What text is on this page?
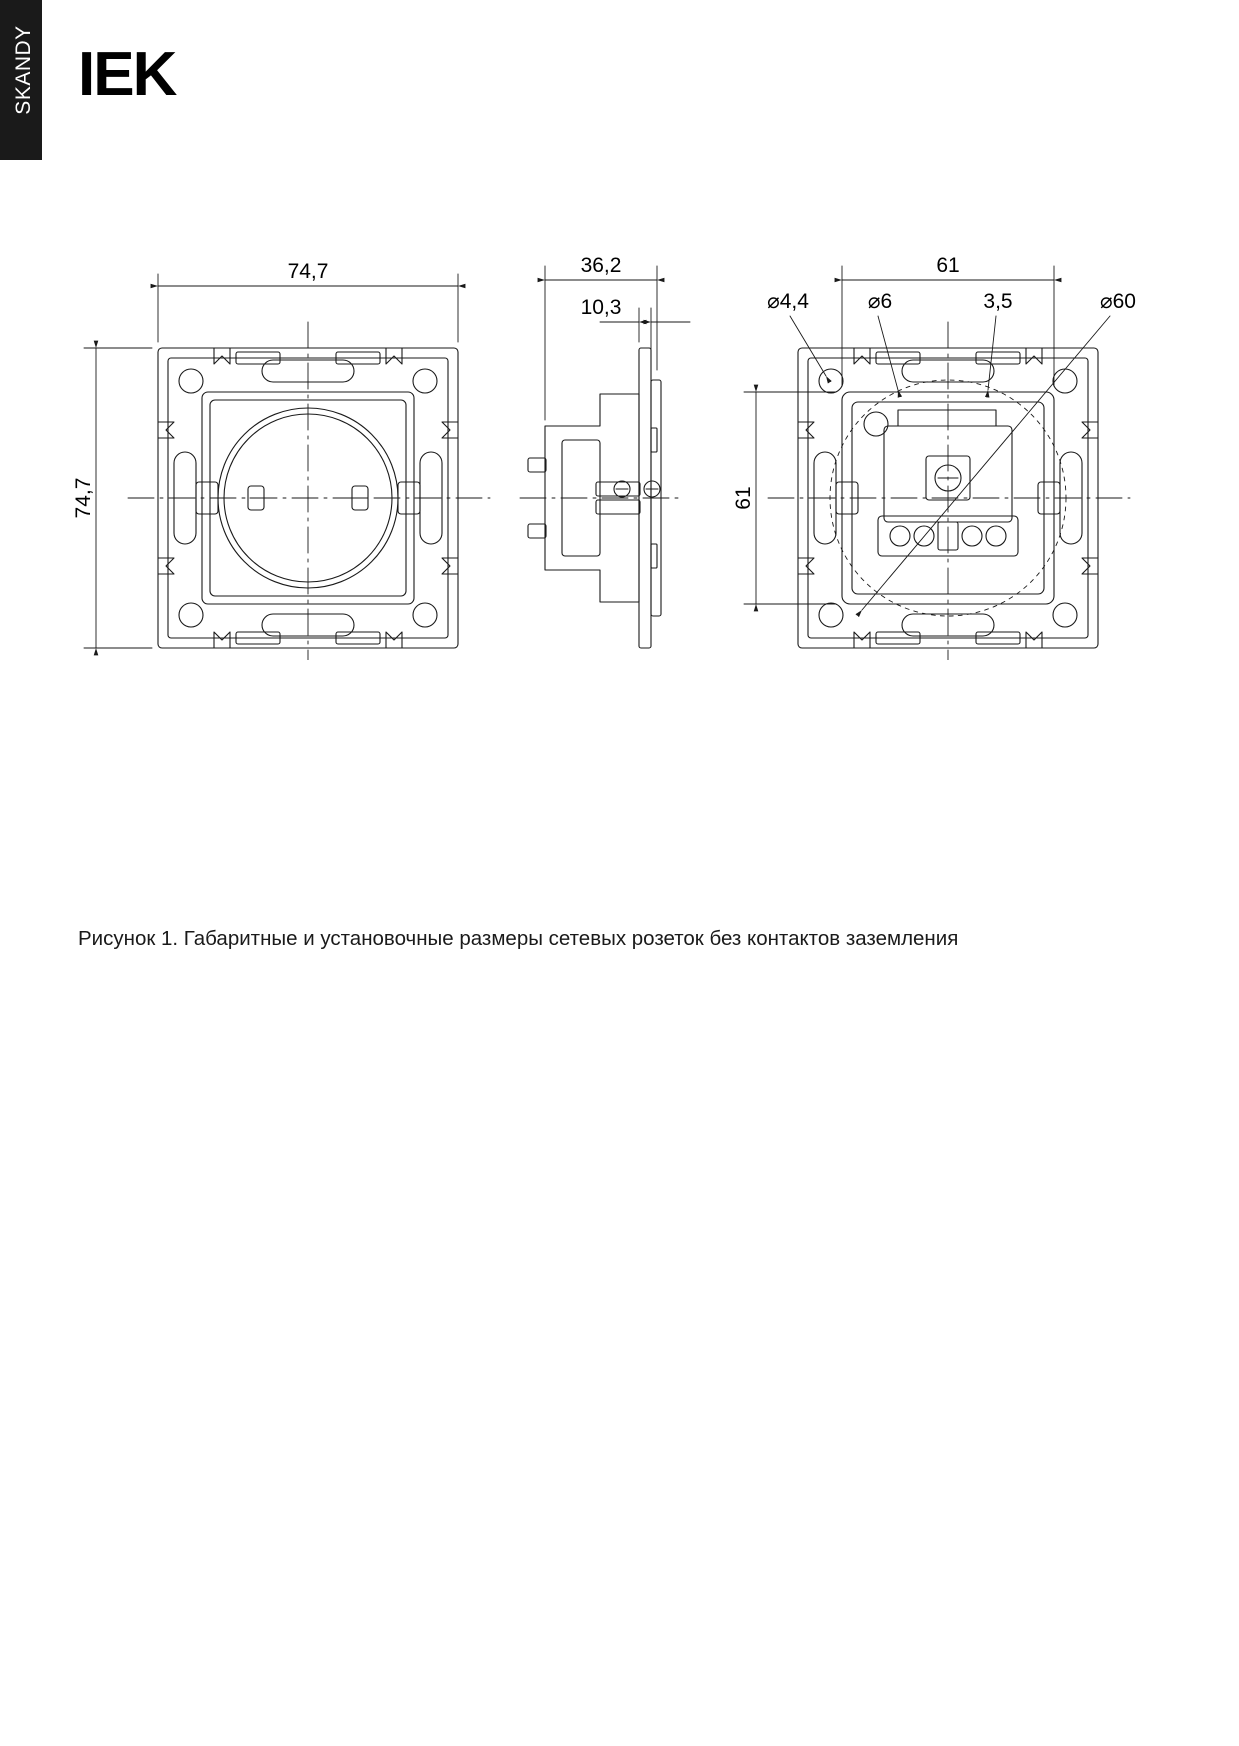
SKANDY IEK
74,7
74,7
36,2
10,3
61
61
⌀4,4	⌀6	3,5	⌀60
Рисунок 1. Габаритные и установочные размеры сетевых розеток без контактов заземления
